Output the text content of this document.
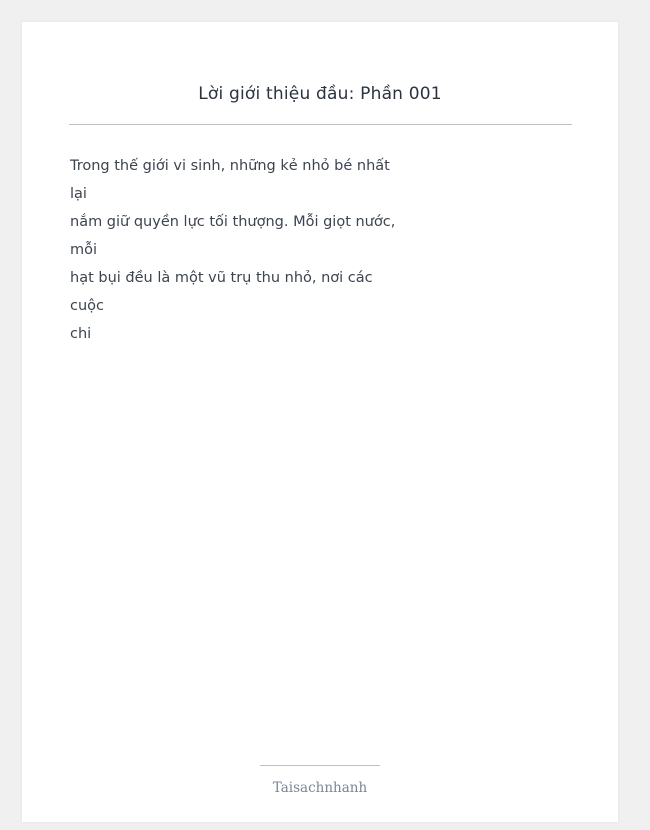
Lời giới thiệu đầu: Phần 001
Trong thế giới vi sinh, những kẻ nhỏ bé nhất
lại
nắm giữ quyền lực tối thượng. Mỗi giọt nước,
mỗi
hạt bụi đều là một vũ trụ thu nhỏ, nơi các
cuộc
chi
Taisachnhanh
